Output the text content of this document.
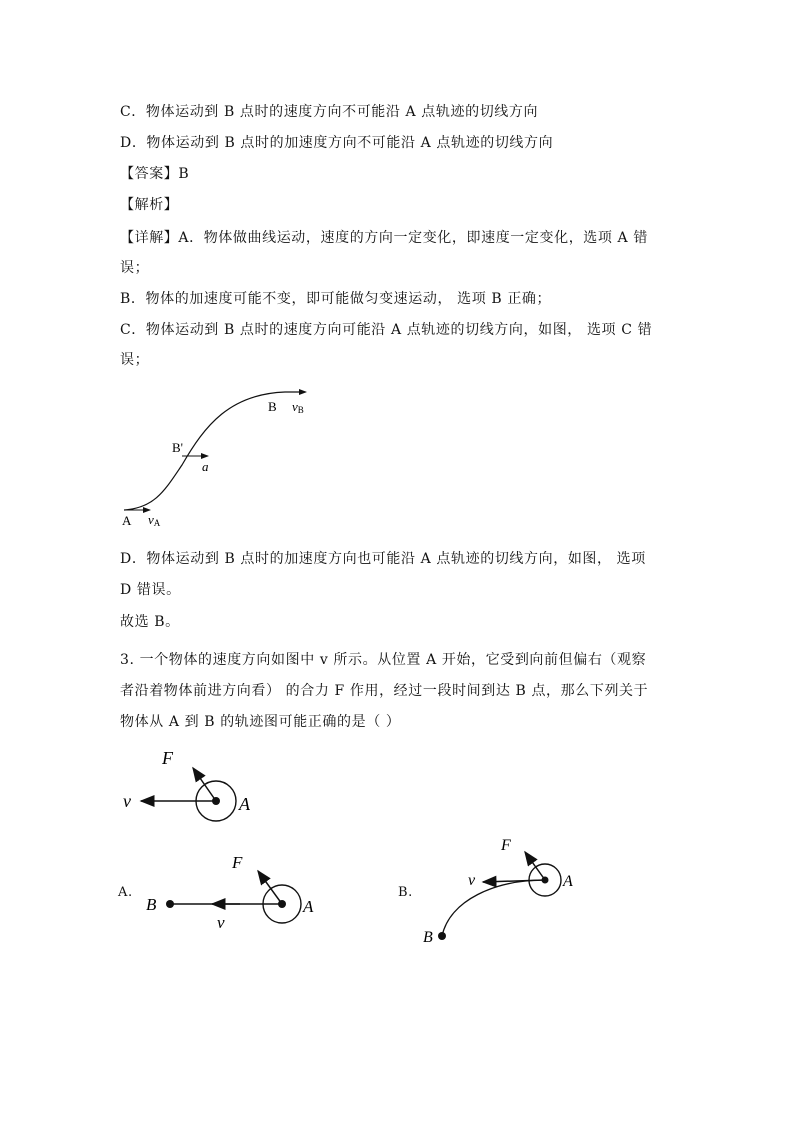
C．物体运动到 B 点时的速度方向不可能沿 A 点轨迹的切线方向
D．物体运动到 B 点时的加速度方向不可能沿 A 点轨迹的切线方向
【答案】B
【解析】
【详解】A．物体做曲线运动，速度的方向一定变化，即速度一定变化，选项 A 错
误；
B．物体的加速度可能不变，即可能做匀变速运动， 选项 B 正确；
C．物体运动到 B 点时的速度方向可能沿 A 点轨迹的切线方向，如图， 选项 C 错
误；
A vA
B'
a
B vB
D．物体运动到 B 点时的加速度方向也可能沿 A 点轨迹的切线方向，如图， 选项
D 错误。
故选 B。
3. 一个物体的速度方向如图中 v 所示。从位置 A 开始，它受到向前但偏右（观察
者沿着物体前进方向看） 的合力 F 作用，经过一段时间到达 B 点，那么下列关于
物体从 A 到 B 的轨迹图可能正确的是（ ）
F
v	A
A.
B
F
v
A
B.
F
v	A
B
